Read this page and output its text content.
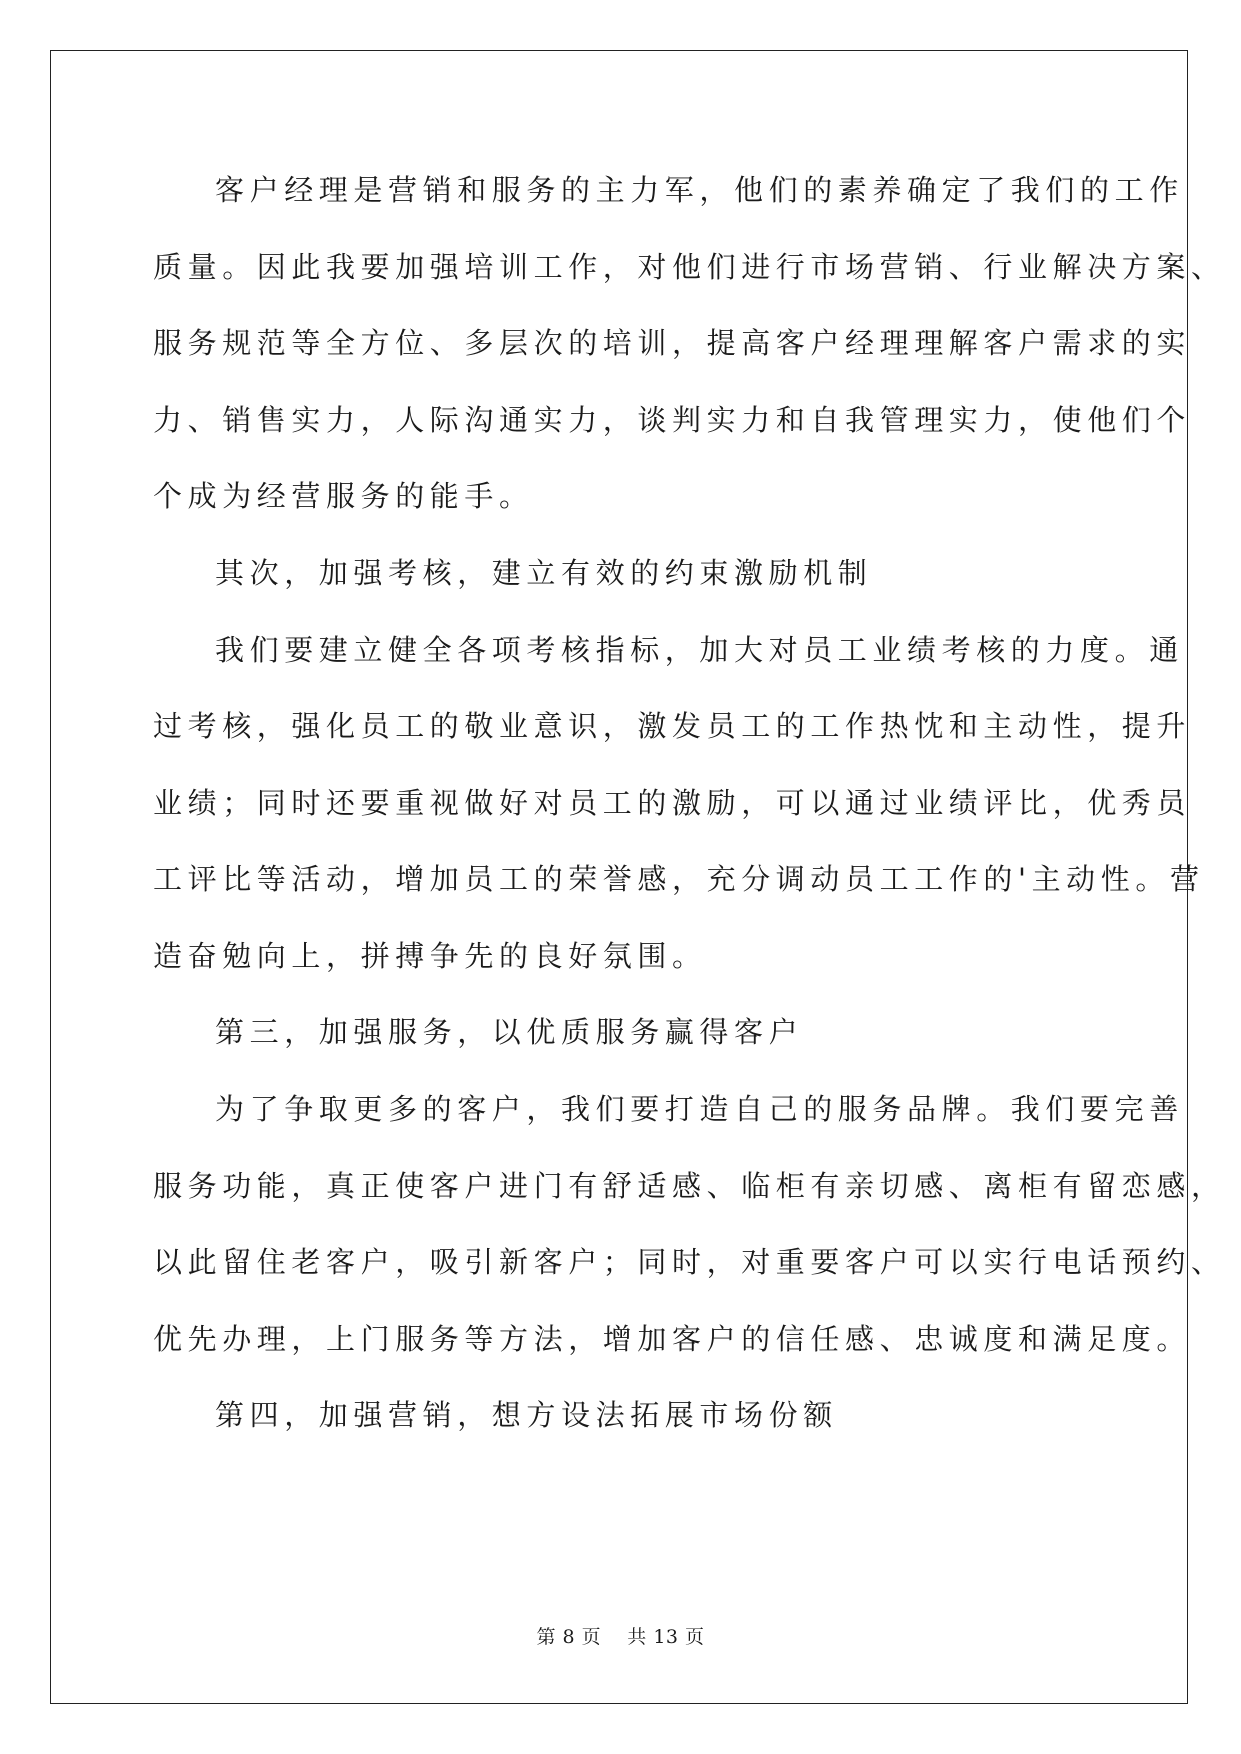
客户经理是营销和服务的主力军，他们的素养确定了我们的工作
质量。因此我要加强培训工作，对他们进行市场营销、行业解决方案、
服务规范等全方位、多层次的培训，提高客户经理理解客户需求的实
力、销售实力，人际沟通实力，谈判实力和自我管理实力，使他们个
个成为经营服务的能手。
其次，加强考核，建立有效的约束激励机制
我们要建立健全各项考核指标，加大对员工业绩考核的力度。通
过考核，强化员工的敬业意识，激发员工的工作热忱和主动性，提升
业绩；同时还要重视做好对员工的激励，可以通过业绩评比，优秀员
工评比等活动，增加员工的荣誉感，充分调动员工工作的'主动性。营
造奋勉向上，拼搏争先的良好氛围。
第三，加强服务，以优质服务赢得客户
为了争取更多的客户，我们要打造自己的服务品牌。我们要完善
服务功能，真正使客户进门有舒适感、临柜有亲切感、离柜有留恋感，
以此留住老客户，吸引新客户；同时，对重要客户可以实行电话预约、
优先办理，上门服务等方法，增加客户的信任感、忠诚度和满足度。
第四，加强营销，想方设法拓展市场份额
第 8 页    共 13 页
